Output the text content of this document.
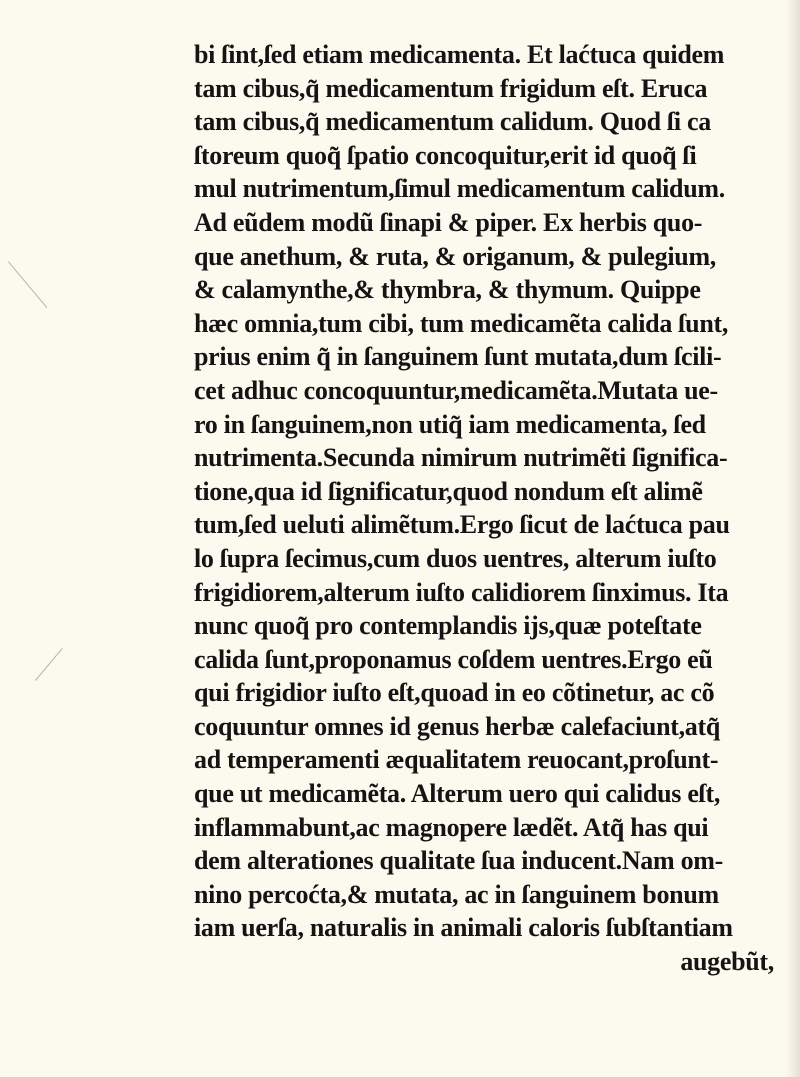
bi ſint,ſed etiam medicamenta. Et laćtuca quidem
tam cibus,q̃ medicamentum frigidum eſt. Eruca
tam cibus,q̃ medicamentum calidum. Quod ſi ca
ſtoreum quoq̃ ſpatio concoquitur,erit id quoq̃ ſi
mul nutrimentum,ſimul medicamentum calidum.
Ad eũdem modũ ſinapi & piper. Ex herbis quo-
que anethum, & ruta, & origanum, & pulegium,
& calamynthe,& thymbra, & thymum. Quippe
hæc omnia,tum cibi, tum medicamẽta calida ſunt,
prius enim q̃ in ſanguinem ſunt mutata,dum ſcili-
cet adhuc concoquuntur,medicamẽta.Mutata ue-
ro in ſanguinem,non utiq̃ iam medicamenta, ſed
nutrimenta.Secunda nimirum nutrimẽti ſignifica-
tione,qua id ſignificatur,quod nondum eſt alimẽ
tum,ſed ueluti alimẽtum.Ergo ſicut de laćtuca pau
lo ſupra ſecimus,cum duos uentres, alterum iuſto
frigidiorem,alterum iuſto calidiorem ſinximus. Ita
nunc quoq̃ pro contemplandis ijs,quæ poteſtate
calida ſunt,proponamus coſdem uentres.Ergo eũ
qui frigidior iuſto eſt,quoad in eo cõtinetur, ac cõ
coquuntur omnes id genus herbæ calefaciunt,atq̃
ad temperamenti æqualitatem reuocant,proſunt-
que ut medicamẽta. Alterum uero qui calidus eſt,
inflammabunt,ac magnopere lædẽt. Atq̃ has qui
dem alterationes qualitate ſua inducent.Nam om-
nino percoćta,& mutata, ac in ſanguinem bonum
iam uerſa, naturalis in animali caloris ſubſtantiam
augebũt,
